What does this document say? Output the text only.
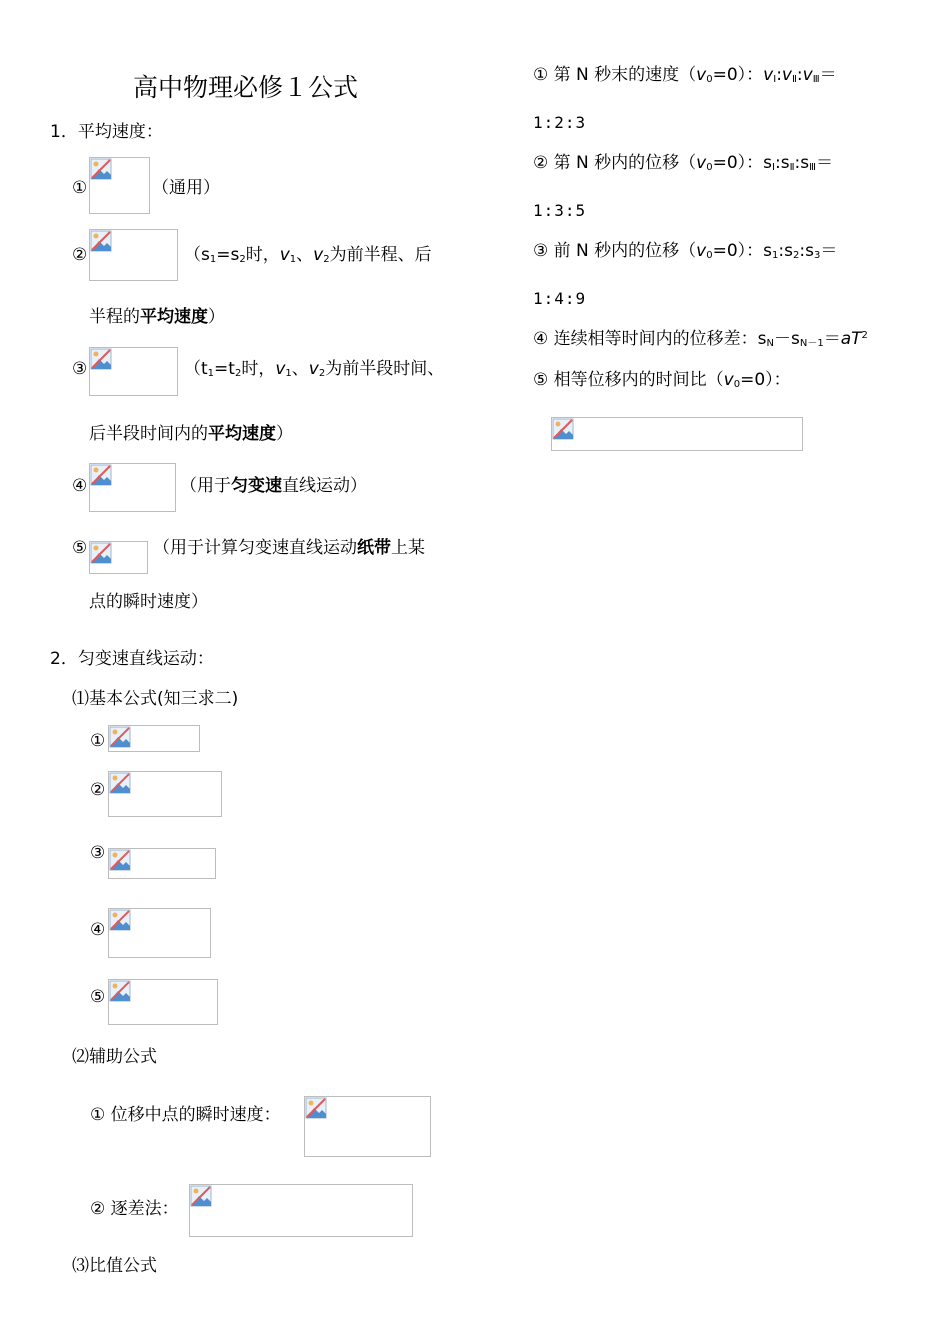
高中物理必修１公式
1．平均速度：
①	（通用）
②	（$s_1=s_2$时，$v_1$、$v_2$为前半程、后
半程的平均速度）
③	（$t_1=t_2$时，$v_1$、$v_2$为前半段时间、
后半段时间内的平均速度）
④	（用于匀变速直线运动）
⑤	（用于计算匀变速直线运动纸带上某
点的瞬时速度）
2．匀变速直线运动：
⑴基本公式(知三求二)
①
②
③
④
⑤
⑵辅助公式
① 位移中点的瞬时速度：
② 逐差法：
⑶比值公式
① 第 N 秒末的速度$(v_0=0)$：$v_Ⅰ:v_Ⅱ:v_Ⅲ=$
1:2:3
② 第 N 秒内的位移$(v_0=0)$：$s_Ⅰ:s_Ⅱ:s_Ⅲ=$
1:3:5
③ 前 N 秒内的位移$(v_0=0)$：$s_1:s_2:s_3=$
1:4:9
④ 连续相等时间内的位移差：$s_N-s_{N-1}=aT^2$
⑤ 相等位移内的时间比$(v_0=0)$：
